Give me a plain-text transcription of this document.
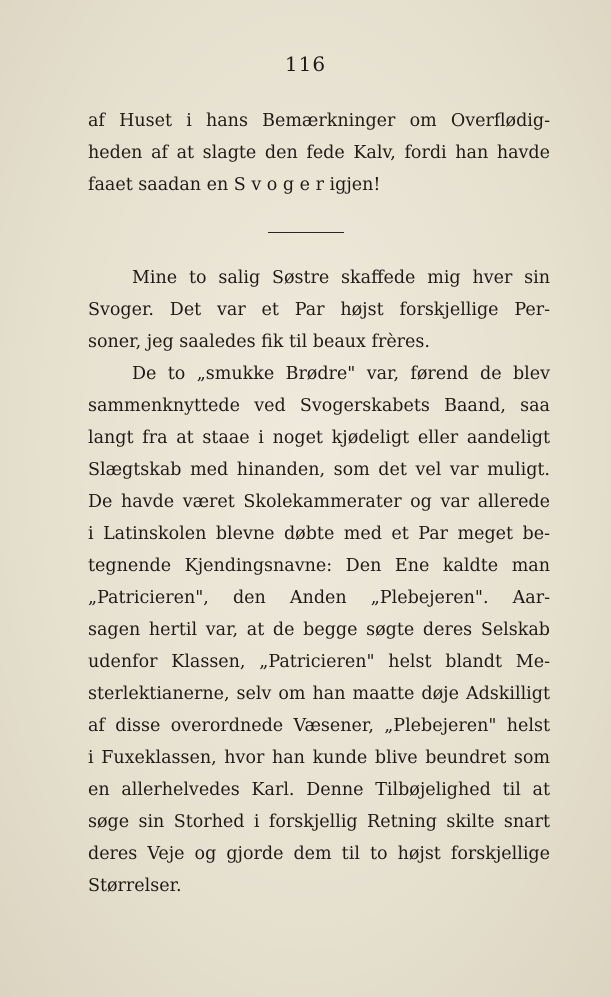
116
af Huset i hans Bemærkninger om Overflødig-
heden af at slagte den fede Kalv, fordi han havde
faaet saadan en S v o g e r igjen!
Mine to salig Søstre skaffede mig hver sin
Svoger. Det var et Par højst forskjellige Per-
soner, jeg saaledes fik til beaux frères.
De to „smukke Brødre" var, førend de blev
sammenknyttede ved Svogerskabets Baand, saa
langt fra at staae i noget kjødeligt eller aandeligt
Slægtskab med hinanden, som det vel var muligt.
De havde været Skolekammerater og var allerede
i Latinskolen blevne døbte med et Par meget be-
tegnende Kjendingsnavne: Den Ene kaldte man
„Patricieren", den Anden „Plebejeren". Aar-
sagen hertil var, at de begge søgte deres Selskab
udenfor Klassen, „Patricieren" helst blandt Me-
sterlektianerne, selv om han maatte døje Adskilligt
af disse overordnede Væsener, „Plebejeren" helst
i Fuxeklassen, hvor han kunde blive beundret som
en allerhelvedes Karl. Denne Tilbøjelighed til at
søge sin Storhed i forskjellig Retning skilte snart
deres Veje og gjorde dem til to højst forskjellige
Størrelser.
